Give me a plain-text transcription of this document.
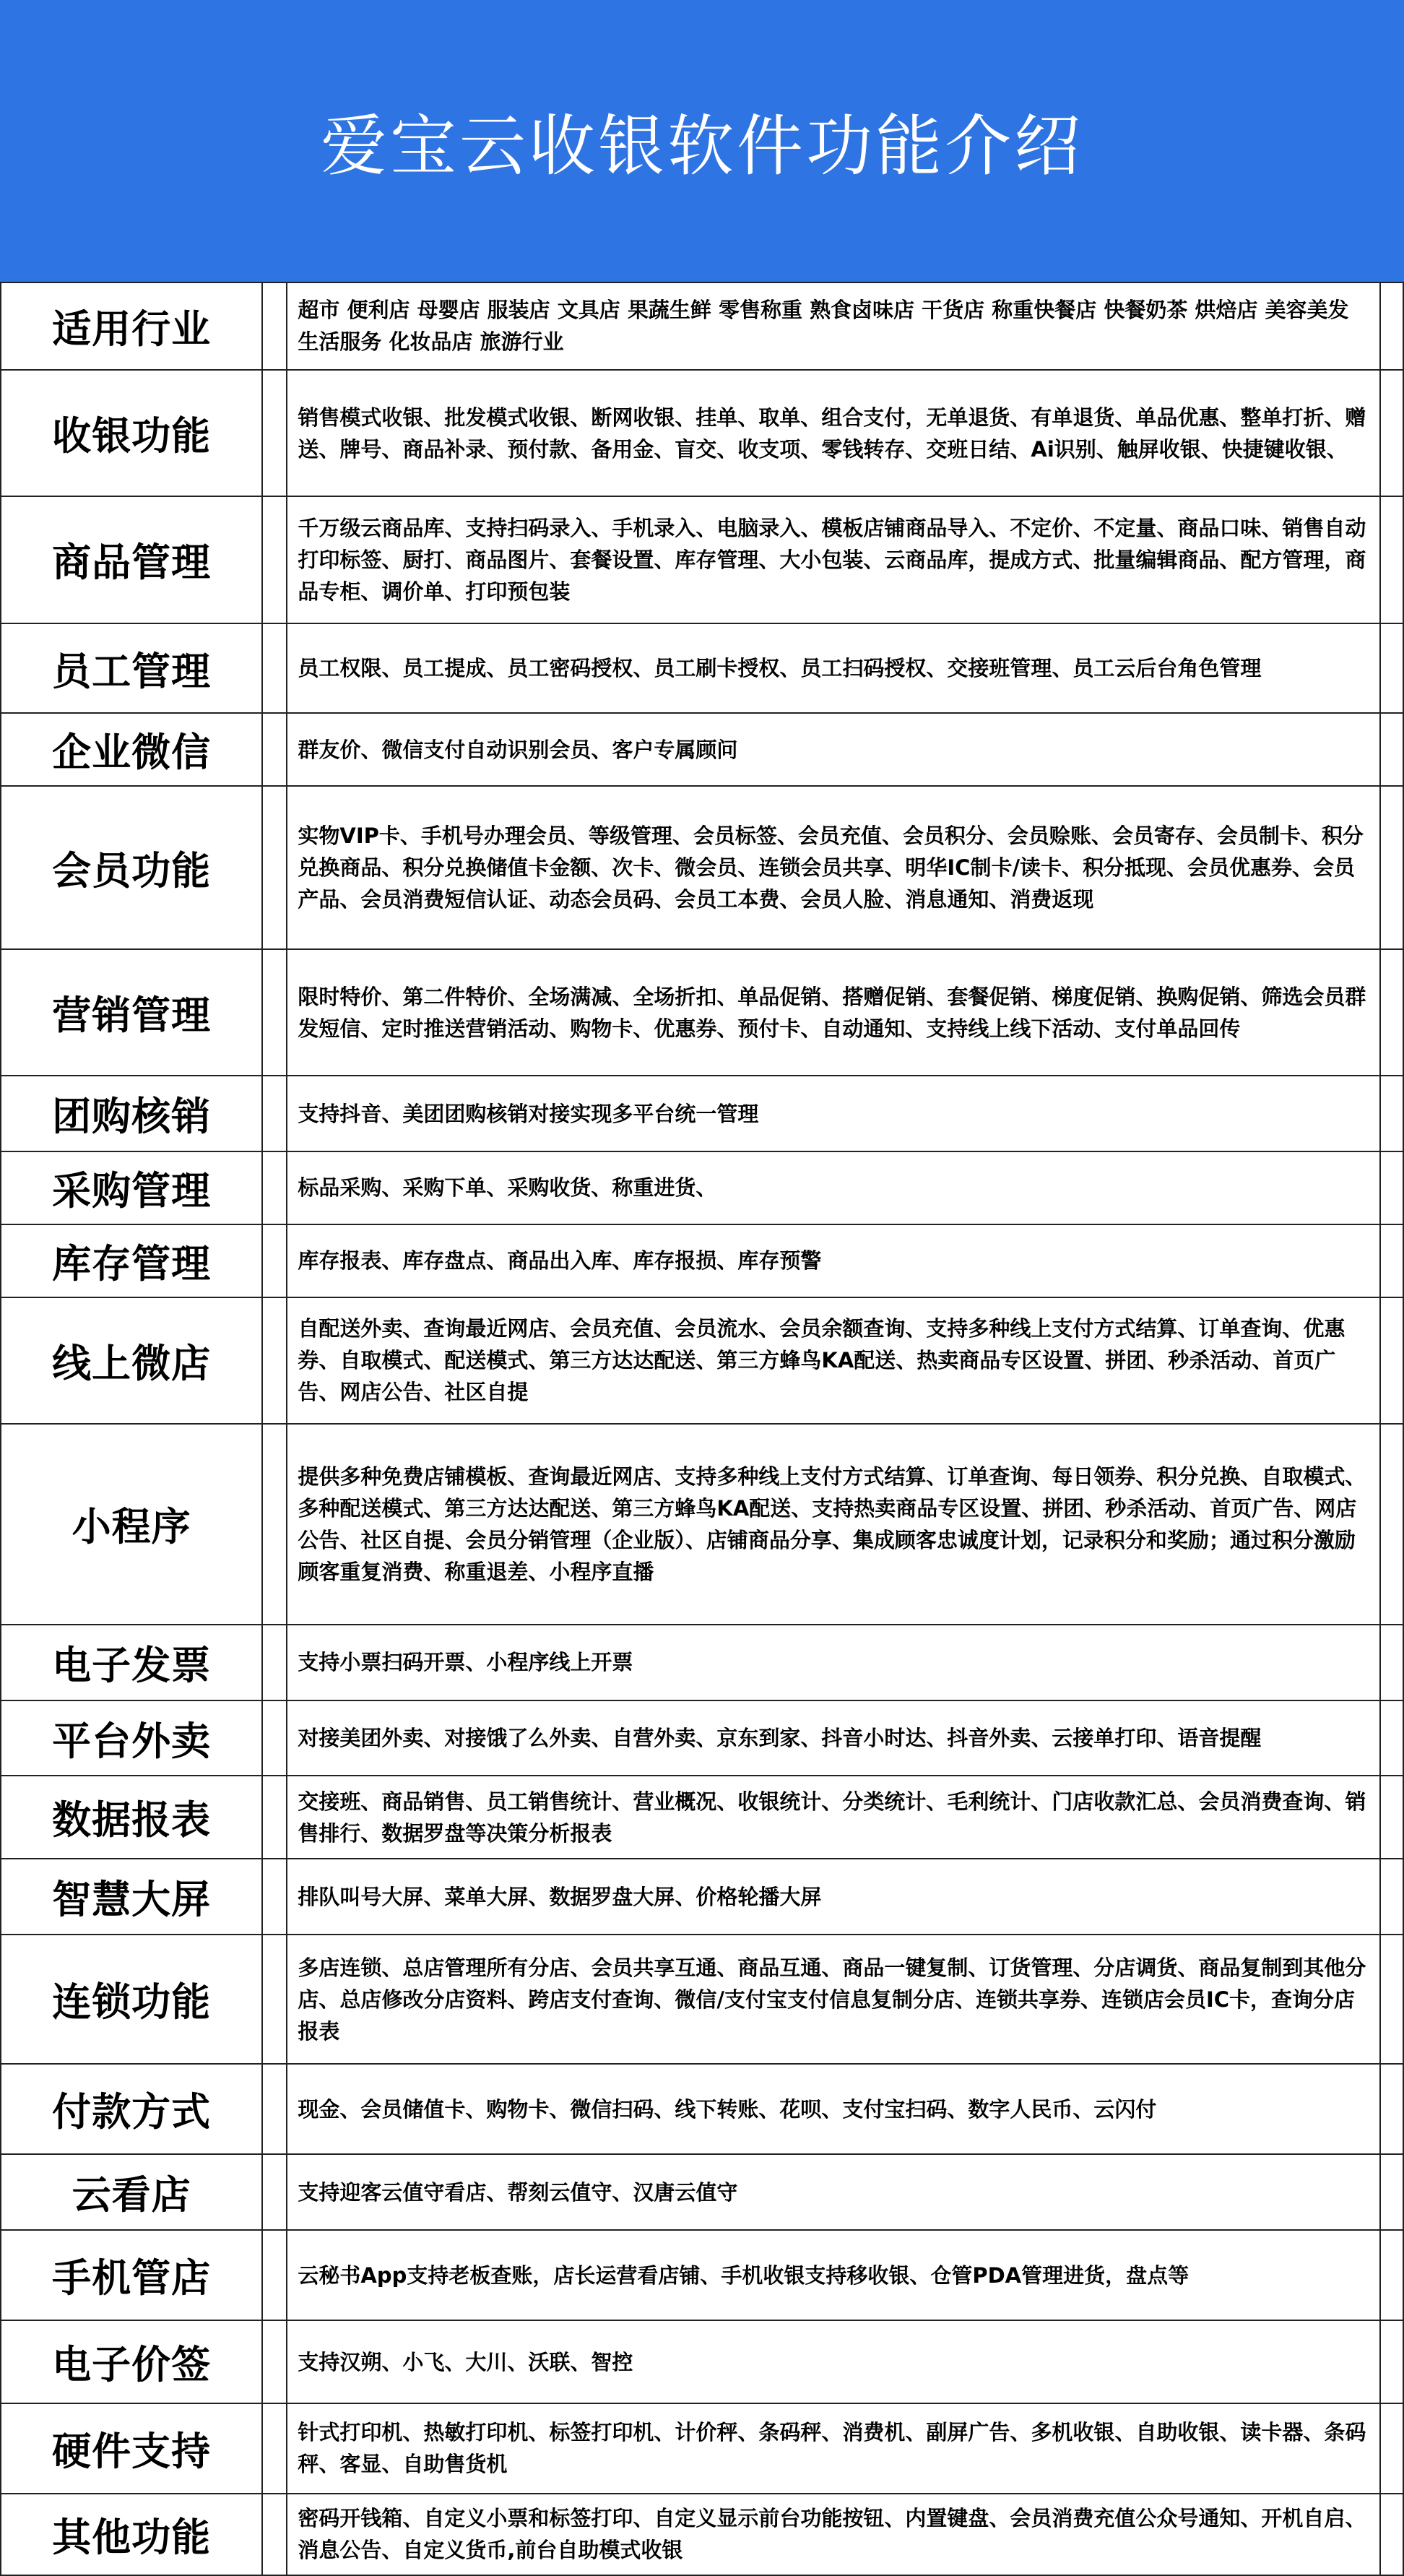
爱宝云收银软件功能介绍
适用行业		超市 便利店 母婴店 服装店 文具店 果蔬生鲜 零售称重 熟食卤味店 干货店 称重快餐店 快餐奶茶 烘焙店 美容美发 生活服务 化妆品店 旅游行业	
收银功能		销售模式收银、批发模式收银、断网收银、挂单、取单、组合支付，无单退货、有单退货、单品优惠、整单打折、赠送、牌号、商品补录、预付款、备用金、盲交、收支项、零钱转存、交班日结、Ai识别、触屏收银、快捷键收银、	
商品管理		千万级云商品库、支持扫码录入、手机录入、电脑录入、模板店铺商品导入、不定价、不定量、商品口味、销售自动打印标签、厨打、商品图片、套餐设置、库存管理、大小包装、云商品库，提成方式、批量编辑商品、配方管理，商品专柜、调价单、打印预包装	
员工管理		员工权限、员工提成、员工密码授权、员工刷卡授权、员工扫码授权、交接班管理、员工云后台角色管理	
企业微信		群友价、微信支付自动识别会员、客户专属顾问	
会员功能		实物VIP卡、手机号办理会员、等级管理、会员标签、会员充值、会员积分、会员赊账、会员寄存、会员制卡、积分兑换商品、积分兑换储值卡金额、次卡、微会员、连锁会员共享、明华IC制卡/读卡、积分抵现、会员优惠券、会员产品、会员消费短信认证、动态会员码、会员工本费、会员人脸、消息通知、消费返现	
营销管理		限时特价、第二件特价、全场满减、全场折扣、单品促销、搭赠促销、套餐促销、梯度促销、换购促销、筛选会员群发短信、定时推送营销活动、购物卡、优惠券、预付卡、自动通知、支持线上线下活动、支付单品回传	
团购核销		支持抖音、美团团购核销对接实现多平台统一管理	
采购管理		标品采购、采购下单、采购收货、称重进货、	
库存管理		库存报表、库存盘点、商品出入库、库存报损、库存预警	
线上微店		自配送外卖、查询最近网店、会员充值、会员流水、会员余额查询、支持多种线上支付方式结算、订单查询、优惠券、自取模式、配送模式、第三方达达配送、第三方蜂鸟KA配送、热卖商品专区设置、拼团、秒杀活动、首页广告、网店公告、社区自提	
小程序		提供多种免费店铺模板、查询最近网店、支持多种线上支付方式结算、订单查询、每日领券、积分兑换、自取模式、多种配送模式、第三方达达配送、第三方蜂鸟KA配送、支持热卖商品专区设置、拼团、秒杀活动、首页广告、网店公告、社区自提、会员分销管理（企业版）、店铺商品分享、集成顾客忠诚度计划，记录积分和奖励；通过积分激励顾客重复消费、称重退差、小程序直播	
电子发票		支持小票扫码开票、小程序线上开票	
平台外卖		对接美团外卖、对接饿了么外卖、自营外卖、京东到家、抖音小时达、抖音外卖、云接单打印、语音提醒	
数据报表		交接班、商品销售、员工销售统计、营业概况、收银统计、分类统计、毛利统计、门店收款汇总、会员消费查询、销售排行、数据罗盘等决策分析报表	
智慧大屏		排队叫号大屏、菜单大屏、数据罗盘大屏、价格轮播大屏	
连锁功能		多店连锁、总店管理所有分店、会员共享互通、商品互通、商品一键复制、订货管理、分店调货、商品复制到其他分店、总店修改分店资料、跨店支付查询、微信/支付宝支付信息复制分店、连锁共享券、连锁店会员IC卡，查询分店报表	
付款方式		现金、会员储值卡、购物卡、微信扫码、线下转账、花呗、支付宝扫码、数字人民币、云闪付	
云看店		支持迎客云值守看店、帮刻云值守、汉唐云值守	
手机管店		云秘书App支持老板查账，店长运营看店铺、手机收银支持移收银、仓管PDA管理进货，盘点等	
电子价签		支持汉朔、小飞、大川、沃联、智控	
硬件支持		针式打印机、热敏打印机、标签打印机、计价秤、条码秤、消费机、副屏广告、多机收银、自助收银、读卡器、条码秤、客显、自助售货机	
其他功能		密码开钱箱、自定义小票和标签打印、自定义显示前台功能按钮、内置键盘、会员消费充值公众号通知、开机自启、消息公告、自定义货币,前台自助模式收银	
